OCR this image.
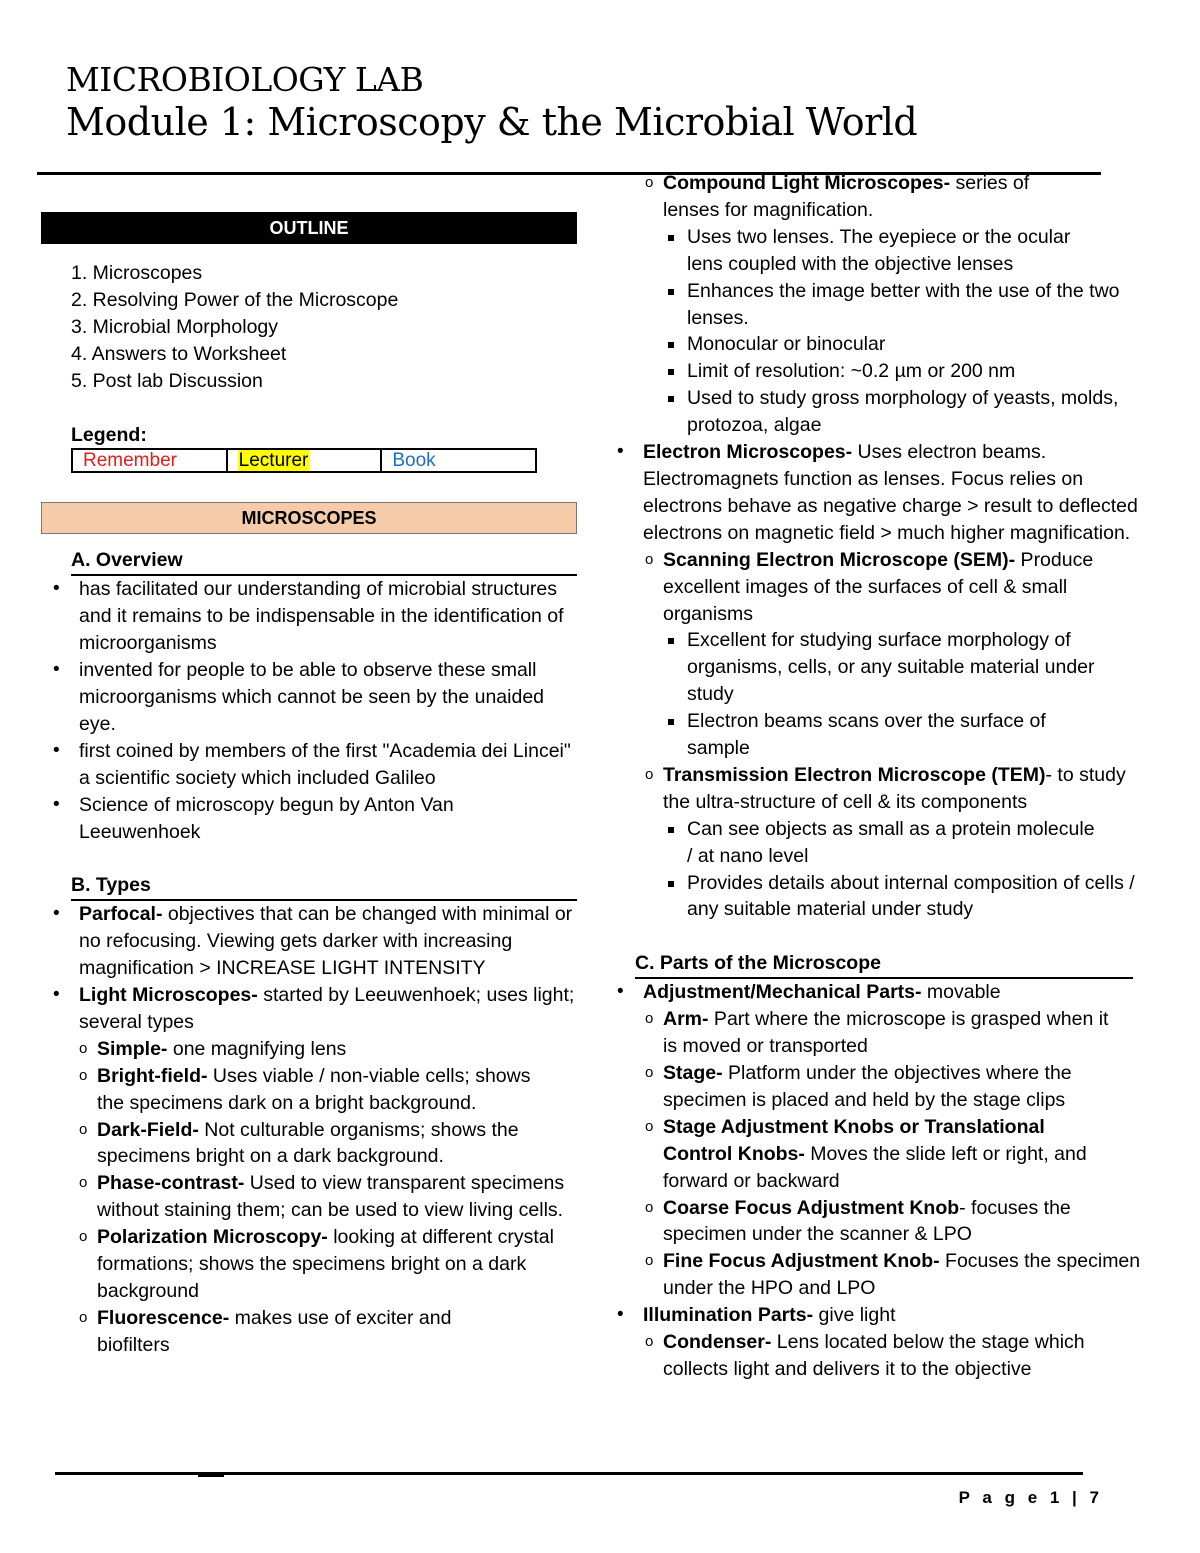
MICROBIOLOGY LAB
Module 1: Microscopy & the Microbial World
OUTLINE

1. Microscopes

2. Resolving Power of the Microscope

3. Microbial Morphology

4. Answers to Worksheet

5. Post lab Discussion

Legend:

Remember	Lecturer	Book
MICROSCOPES

A. Overview

• has facilitated our understanding of microbial structures and it remains to be indispensable in the identification of microorganisms

• invented for people to be able to observe these small microorganisms which cannot be seen by the unaided eye.

• first coined by members of the first "Academia dei Lincei" a scientific society which included Galileo

• Science of microscopy begun by Anton Van Leeuwenhoek

B. Types

• Parfocal- objectives that can be changed with minimal or no refocusing. Viewing gets darker with increasing magnification > INCREASE LIGHT INTENSITY

• Light Microscopes- started by Leeuwenhoek; uses light; several types

o Simple- one magnifying lens

o Bright-field- Uses viable / non-viable cells; shows the specimens dark on a bright background.

o Dark-Field- Not culturable organisms; shows the specimens bright on a dark background.

o Phase-contrast- Used to view transparent specimens without staining them; can be used to view living cells.

o Polarization Microscopy- looking at different crystal formations; shows the specimens bright on a dark background

o Fluorescence- makes use of exciter and biofilters

o Compound Light Microscopes- series of lenses for magnification.

Uses two lenses. The eyepiece or the ocular lens coupled with the objective lenses

Enhances the image better with the use of the two lenses.

Monocular or binocular

Limit of resolution: ~0.2 µm or 200 nm

Used to study gross morphology of yeasts, molds, protozoa, algae

• Electron Microscopes- Uses electron beams. Electromagnets function as lenses. Focus relies on electrons behave as negative charge > result to deflected electrons on magnetic field > much higher magnification.

o Scanning Electron Microscope (SEM)- Produce excellent images of the surfaces of cell & small organisms

Excellent for studying surface morphology of organisms, cells, or any suitable material under study

Electron beams scans over the surface of sample

o Transmission Electron Microscope (TEM)- to study the ultra-structure of cell & its components

Can see objects as small as a protein molecule / at nano level

Provides details about internal composition of cells / any suitable material under study

C. Parts of the Microscope

• Adjustment/Mechanical Parts- movable

o Arm- Part where the microscope is grasped when it is moved or transported

o Stage- Platform under the objectives where the specimen is placed and held by the stage clips

o Stage Adjustment Knobs or Translational Control Knobs- Moves the slide left or right, and forward or backward

o Coarse Focus Adjustment Knob- focuses the specimen under the scanner & LPO

o Fine Focus Adjustment Knob- Focuses the specimen under the HPO and LPO

• Illumination Parts- give light

o Condenser- Lens located below the stage which collects light and delivers it to the objective

P a g e 1 | 7
